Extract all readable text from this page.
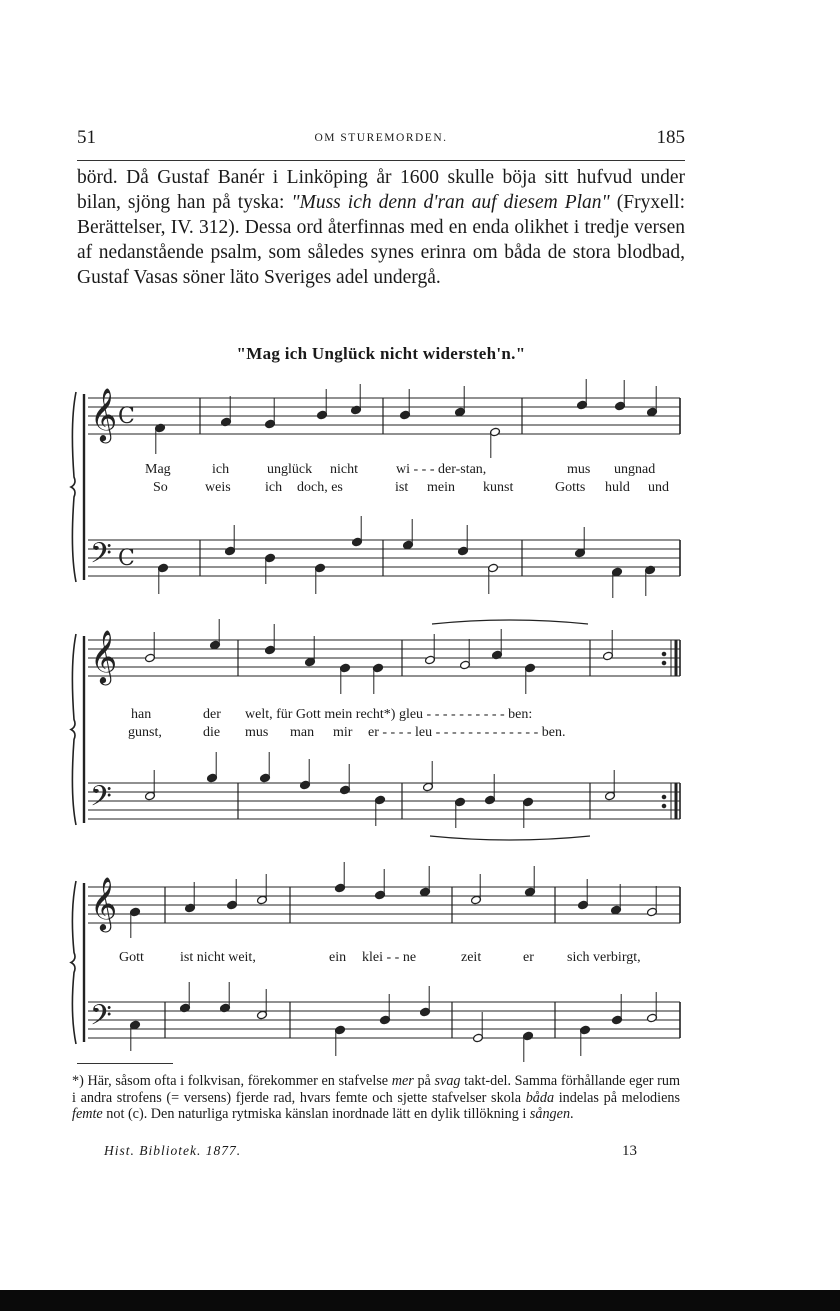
51	OM STUREMORDEN.	185

börd. Då Gustaf Banér i Linköping år 1600 skulle böja sitt hufvud under bilan, sjöng han på tyska: "Muss ich denn d'ran auf diesem Plan" (Fryxell: Berättelser, IV. 312). Dessa ord återfinnas med en enda olikhet i tredje versen af nedanstående psalm, som således synes erinra om båda de stora blodbad, Gustaf Vasas söner läto Sveriges adel undergå.

"Mag ich Unglück nicht widersteh'n."
𝄞
𝄢
C
C
𝄞
𝄢
𝄞
𝄢
Mag	ich	unglück nicht	wi - - - der-stan,	mus ungnad
So	weis ich doch, es	ist mein kunst	Gotts huld und
han	der welt, für Gott mein recht*) gleu - - - - - - - - - - ben:
gunst,	die mus man mir er - - - - leu - - - - - - - - - - - - - ben.
Gott	ist nicht weit,	ein klei - - ne	zeit	er sich verbirgt,
*) Här, såsom ofta i folkvisan, förekommer en stafvelse mer på svag takt-del. Samma förhållande eger rum i andra strofens (= versens) fjerde rad, hvars femte och sjette stafvelser skola båda indelas på melodiens femte not (c). Den naturliga rytmiska känslan inordnade lätt en dylik tillökning i sången.
Hist. Bibliotek. 1877.	13
